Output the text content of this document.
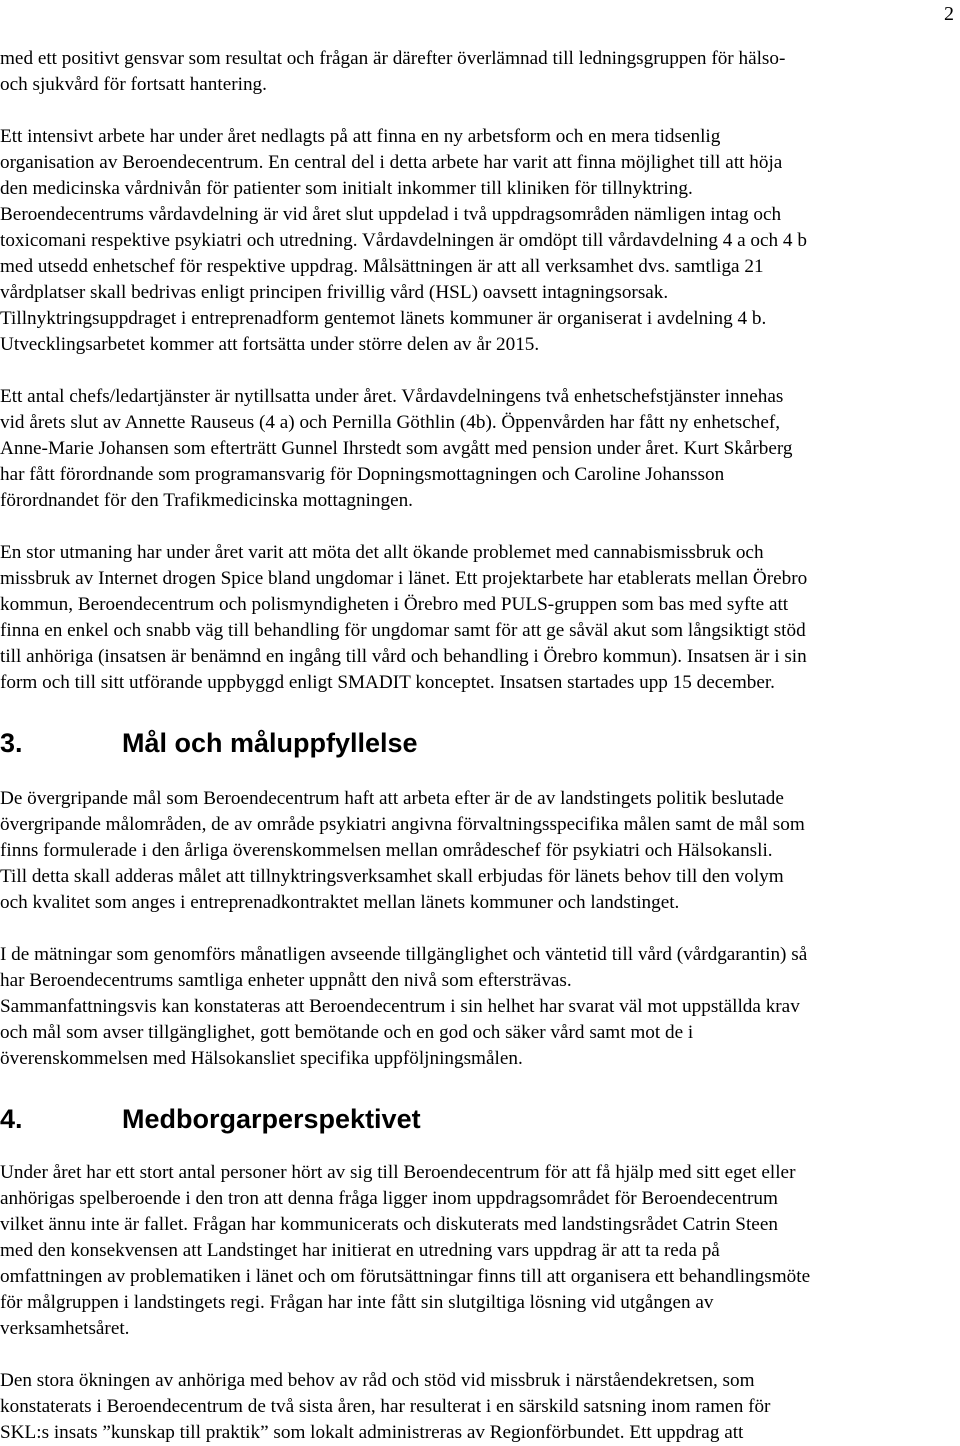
2

med ett positivt gensvar som resultat och frågan är därefter överlämnad till ledningsgruppen för hälso-
och sjukvård för fortsatt hantering.

Ett intensivt arbete har under året nedlagts på att finna en ny arbetsform och en mera tidsenlig
organisation av Beroendecentrum. En central del i detta arbete har varit att finna möjlighet till att höja
den medicinska vårdnivån för patienter som initialt inkommer till kliniken för tillnyktring.
Beroendecentrums vårdavdelning är vid året slut uppdelad i två uppdragsområden nämligen intag och
toxicomani respektive psykiatri och utredning. Vårdavdelningen är omdöpt till vårdavdelning 4 a och 4 b
med utsedd enhetschef för respektive uppdrag. Målsättningen är att all verksamhet dvs. samtliga 21
vårdplatser skall bedrivas enligt principen frivillig vård (HSL) oavsett intagningsorsak.
Tillnyktringsuppdraget i entreprenadform gentemot länets kommuner är organiserat i avdelning 4 b.
Utvecklingsarbetet kommer att fortsätta under större delen av år 2015.

Ett antal chefs/ledartjänster är nytillsatta under året. Vårdavdelningens två enhetschefstjänster innehas
vid årets slut av Annette Rauseus (4 a) och Pernilla Göthlin (4b). Öppenvården har fått ny enhetschef,
Anne-Marie Johansen som efterträtt Gunnel Ihrstedt som avgått med pension under året. Kurt Skårberg
har fått förordnande som programansvarig för Dopningsmottagningen och Caroline Johansson
förordnandet för den Trafikmedicinska mottagningen.

En stor utmaning har under året varit att möta det allt ökande problemet med cannabismissbruk och
missbruk av Internet drogen Spice bland ungdomar i länet. Ett projektarbete har etablerats mellan Örebro
kommun, Beroendecentrum och polismyndigheten i Örebro med PULS-gruppen som bas med syfte att
finna en enkel och snabb väg till behandling för ungdomar samt för att ge såväl akut som långsiktigt stöd
till anhöriga (insatsen är benämnd en ingång till vård och behandling i Örebro kommun). Insatsen är i sin
form och till sitt utförande uppbyggd enligt SMADIT konceptet. Insatsen startades upp 15 december.

3.	Mål och måluppfyllelse

De övergripande mål som Beroendecentrum haft att arbeta efter är de av landstingets politik beslutade
övergripande målområden, de av område psykiatri angivna förvaltningsspecifika målen samt de mål som
finns formulerade i den årliga överenskommelsen mellan områdeschef för psykiatri och Hälsokansli.
Till detta skall adderas målet att tillnyktringsverksamhet skall erbjudas för länets behov till den volym
och kvalitet som anges i entreprenadkontraktet mellan länets kommuner och landstinget.

I de mätningar som genomförs månatligen avseende tillgänglighet och väntetid till vård (vårdgarantin) så
har Beroendecentrums samtliga enheter uppnått den nivå som eftersträvas.
Sammanfattningsvis kan konstateras att Beroendecentrum i sin helhet har svarat väl mot uppställda krav
och mål som avser tillgänglighet, gott bemötande och en god och säker vård samt mot de i
överenskommelsen med Hälsokansliet specifika uppföljningsmålen.

4.	Medborgarperspektivet

Under året har ett stort antal personer hört av sig till Beroendecentrum för att få hjälp med sitt eget eller
anhörigas spelberoende i den tron att denna fråga ligger inom uppdragsområdet för Beroendecentrum
vilket ännu inte är fallet. Frågan har kommunicerats och diskuterats med landstingsrådet Catrin Steen
med den konsekvensen att Landstinget har initierat en utredning vars uppdrag är att ta reda på
omfattningen av problematiken i länet och om förutsättningar finns till att organisera ett behandlingsmöte
för målgruppen i landstingets regi. Frågan har inte fått sin slutgiltiga lösning vid utgången av
verksamhetsåret.

Den stora ökningen av anhöriga med behov av råd och stöd vid missbruk i närståendekretsen, som
konstaterats i Beroendecentrum de två sista åren, har resulterat i en särskild satsning inom ramen för
SKL:s insats ”kunskap till praktik” som lokalt administreras av Regionförbundet. Ett uppdrag att
